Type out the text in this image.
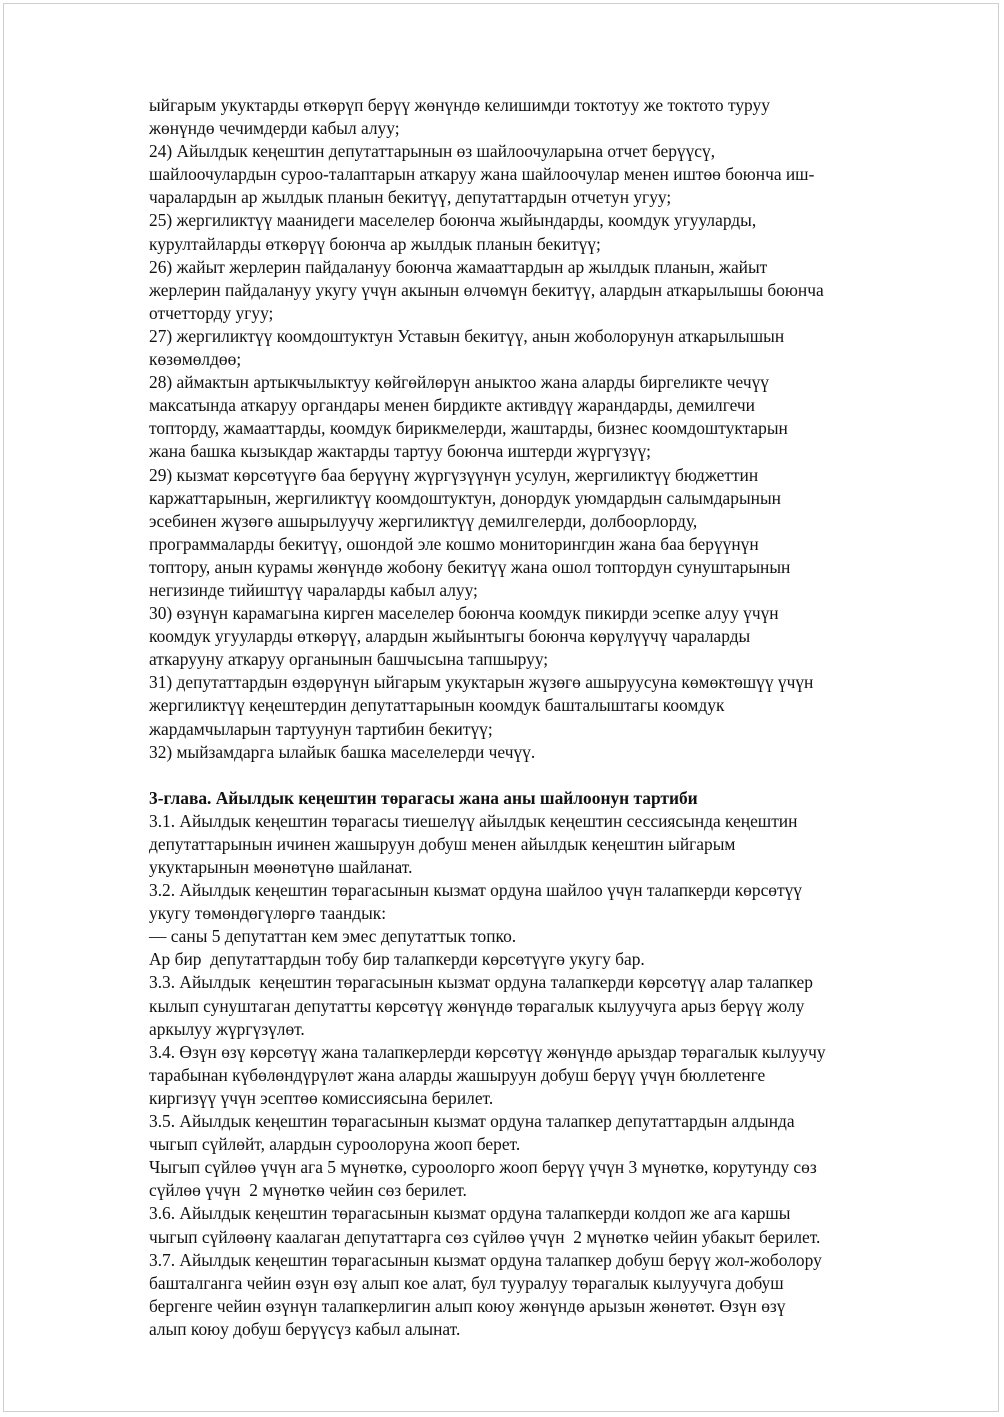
ыйгарым укуктарды өткөрүп берүү жөнүндө келишимди токтотуу же токтото туруу

жөнүндө чечимдерди кабыл алуу;

24) Айылдык кеңештин депутаттарынын өз шайлоочуларына отчет берүүсү,

шайлоочулардын суроо-талаптарын аткаруу жана шайлоочулар менен иштөө боюнча иш-

чаралардын ар жылдык планын бекитүү, депутаттардын отчетун угуу;

25) жергиликтүү маанидеги маселелер боюнча жыйындарды, коомдук угууларды,

курултайларды өткөрүү боюнча ар жылдык планын бекитүү;

26) жайыт жерлерин пайдалануу боюнча жамааттардын ар жылдык планын, жайыт

жерлерин пайдалануу укугу үчүн акынын өлчөмүн бекитүү, алардын аткарылышы боюнча

отчетторду угуу;

27) жергиликтүү коомдоштуктун Уставын бекитүү, анын жоболорунун аткарылышын

көзөмөлдөө;

28) аймактын артыкчылыктуу көйгөйлөрүн аныктоо жана аларды биргеликте чечүү

максатында аткаруу органдары менен бирдикте активдүү жарандарды, демилгечи

топторду, жамааттарды, коомдук бирикмелерди, жаштарды, бизнес коомдоштуктарын

жана башка кызыкдар жактарды тартуу боюнча иштерди жүргүзүү;

29) кызмат көрсөтүүгө баа берүүнү жүргүзүүнүн усулун, жергиликтүү бюджеттин

каржаттарынын, жергиликтүү коомдоштуктун, донордук уюмдардын салымдарынын

эсебинен жүзөгө ашырылуучу жергиликтүү демилгелерди, долбоорлорду,

программаларды бекитүү, ошондой эле кошмо мониторингдин жана баа берүүнүн

топтору, анын курамы жөнүндө жобону бекитүү жана ошол топтордун сунуштарынын

негизинде тийиштүү чараларды кабыл алуу;

30) өзүнүн карамагына кирген маселелер боюнча коомдук пикирди эсепке алуу үчүн

коомдук угууларды өткөрүү, алардын жыйынтыгы боюнча көрүлүүчү чараларды

аткарууну аткаруу органынын башчысына тапшыруу;

31) депутаттардын өздөрүнүн ыйгарым укуктарын жүзөгө ашыруусуна көмөктөшүү үчүн

жергиликтүү кеңештердин депутаттарынын коомдук башталыштагы коомдук

жардамчыларын тартуунун тартибин бекитүү;

32) мыйзамдарга ылайык башка маселелерди чечүү.

3-глава. Айылдык кеңештин төрагасы жана аны шайлоонун тартиби

3.1. Айылдык кеңештин төрагасы тиешелүү айылдык кеңештин сессиясында кеңештин

депутаттарынын ичинен жашыруун добуш менен айылдык кеңештин ыйгарым

укуктарынын мөөнөтүнө шайланат.

3.2. Айылдык кеңештин төрагасынын кызмат ордуна шайлоо үчүн талапкерди көрсөтүү

укугу төмөндөгүлөргө таандык:

— саны 5 депутаттан кем эмес депутаттык топко.

Ар бир  депутаттардын тобу бир талапкерди көрсөтүүгө укугу бар.

3.3. Айылдык  кеңештин төрагасынын кызмат ордуна талапкерди көрсөтүү алар талапкер

кылып сунуштаган депутатты көрсөтүү жөнүндө төрагалык кылуучуга арыз берүү жолу

аркылуу жүргүзүлөт.

3.4. Өзүн өзү көрсөтүү жана талапкерлерди көрсөтүү жөнүндө арыздар төрагалык кылуучу

тарабынан күбөлөндүрүлөт жана аларды жашыруун добуш берүү үчүн бюллетенге

киргизүү үчүн эсептөө комиссиясына берилет.

3.5. Айылдык кеңештин төрагасынын кызмат ордуна талапкер депутаттардын алдында

чыгып сүйлөйт, алардын суроолоруна жооп берет.

Чыгып сүйлөө үчүн ага 5 мүнөткө, суроолорго жооп берүү үчүн 3 мүнөткө, корутунду сөз

сүйлөө үчүн  2 мүнөткө чейин сөз берилет.

3.6. Айылдык кеңештин төрагасынын кызмат ордуна талапкерди колдоп же ага каршы

чыгып сүйлөөнү каалаган депутаттарга сөз сүйлөө үчүн  2 мүнөткө чейин убакыт берилет.

3.7. Айылдык кеңештин төрагасынын кызмат ордуна талапкер добуш берүү жол-жоболору

башталганга чейин өзүн өзү алып кое алат, бул тууралуу төрагалык кылуучуга добуш

бергенге чейин өзүнүн талапкерлигин алып коюу жөнүндө арызын жөнөтөт. Өзүн өзү

алып коюу добуш берүүсүз кабыл алынат.
